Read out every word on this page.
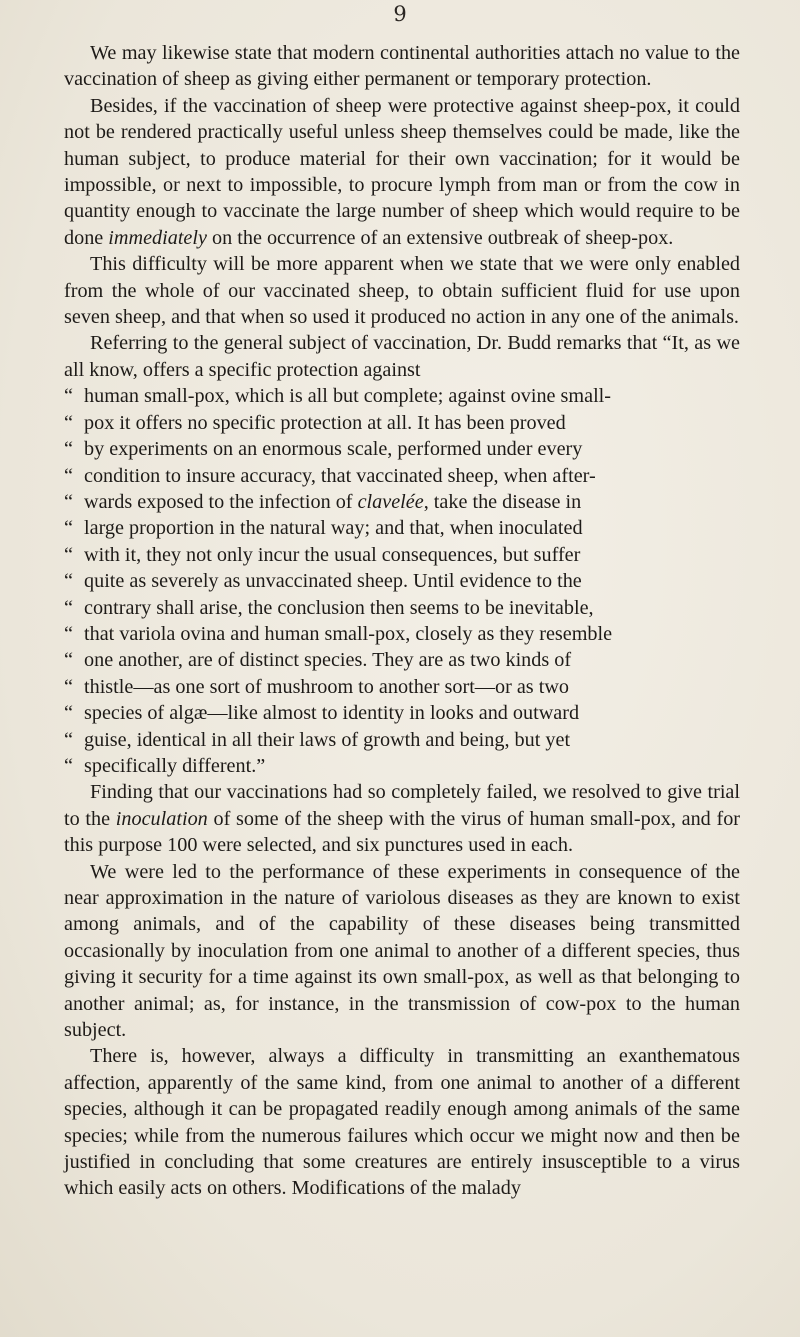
9

We may likewise state that modern continental authorities attach no value to the vaccination of sheep as giving either permanent or temporary protection.

Besides, if the vaccination of sheep were protective against sheep-pox, it could not be rendered practically useful unless sheep themselves could be made, like the human subject, to produce material for their own vaccination; for it would be impossible, or next to impossible, to procure lymph from man or from the cow in quantity enough to vaccinate the large number of sheep which would require to be done immediately on the occurrence of an extensive outbreak of sheep-pox.

This difficulty will be more apparent when we state that we were only enabled from the whole of our vaccinated sheep, to obtain sufficient fluid for use upon seven sheep, and that when so used it produced no action in any one of the animals.

Referring to the general subject of vaccination, Dr. Budd remarks that “It, as we all know, offers a specific protection against

“ human small-pox, which is all but complete; against ovine small-

“ pox it offers no specific protection at all. It has been proved

“ by experiments on an enormous scale, performed under every

“ condition to insure accuracy, that vaccinated sheep, when after-

“ wards exposed to the infection of clavelée, take the disease in

“ large proportion in the natural way; and that, when inoculated

“ with it, they not only incur the usual consequences, but suffer

“ quite as severely as unvaccinated sheep. Until evidence to the

“ contrary shall arise, the conclusion then seems to be inevitable,

“ that variola ovina and human small-pox, closely as they resemble

“ one another, are of distinct species. They are as two kinds of

“ thistle—as one sort of mushroom to another sort—or as two

“ species of algæ—like almost to identity in looks and outward

“ guise, identical in all their laws of growth and being, but yet

“ specifically different.”

Finding that our vaccinations had so completely failed, we resolved to give trial to the inoculation of some of the sheep with the virus of human small-pox, and for this purpose 100 were selected, and six punctures used in each.

We were led to the performance of these experiments in consequence of the near approximation in the nature of variolous diseases as they are known to exist among animals, and of the capability of these diseases being transmitted occasionally by inoculation from one animal to another of a different species, thus giving it security for a time against its own small-pox, as well as that belonging to another animal; as, for instance, in the transmission of cow-pox to the human subject.

There is, however, always a difficulty in transmitting an exanthematous affection, apparently of the same kind, from one animal to another of a different species, although it can be propagated readily enough among animals of the same species; while from the numerous failures which occur we might now and then be justified in concluding that some creatures are entirely insusceptible to a virus which easily acts on others. Modifications of the malady
